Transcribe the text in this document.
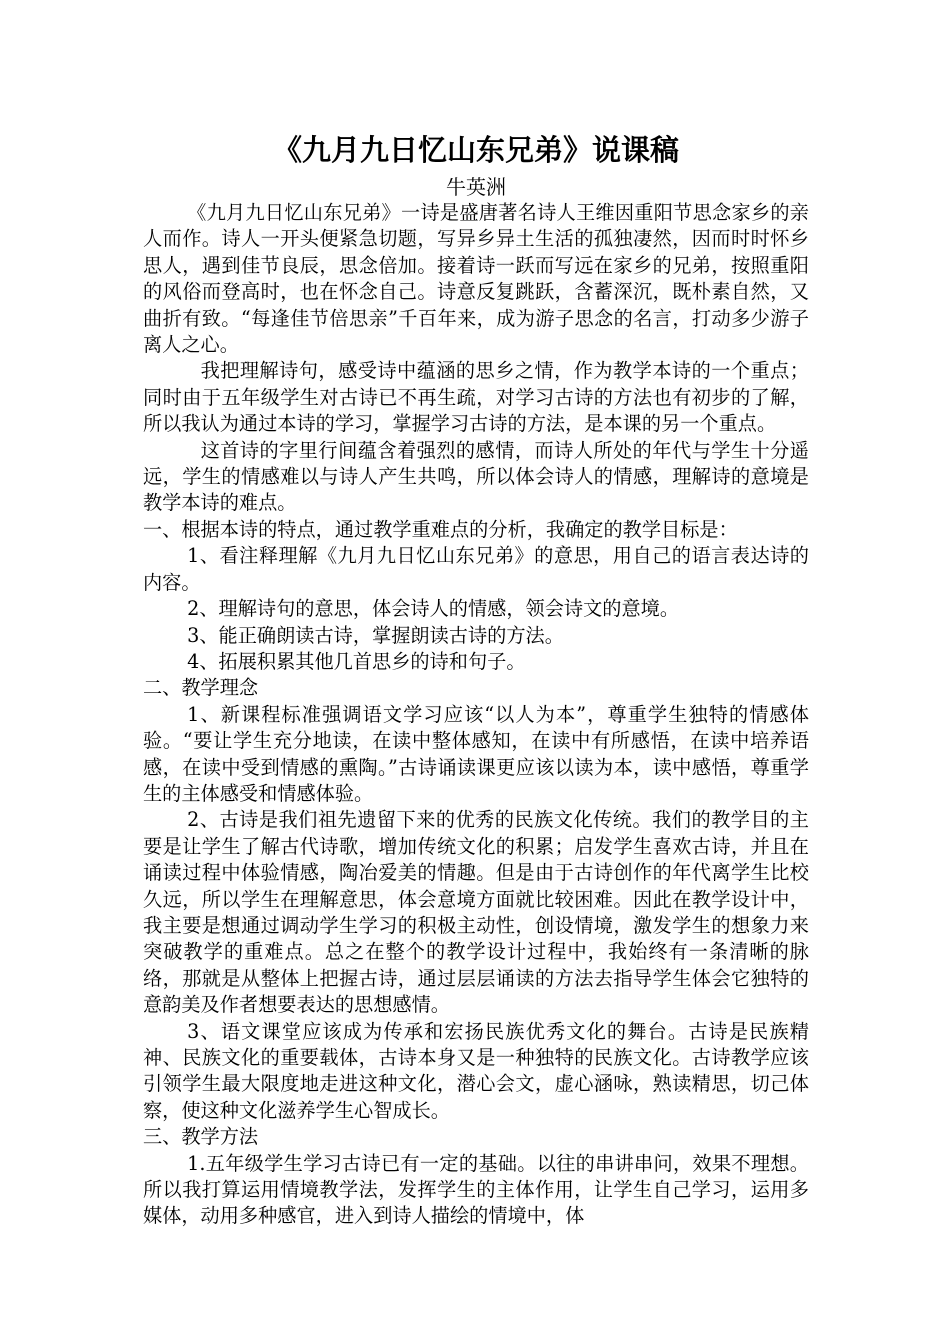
《九月九日忆山东兄弟》说课稿

牛英洲

《九月九日忆山东兄弟》一诗是盛唐著名诗人王维因重阳节思念家乡的亲人而作。诗人一开头便紧急切题，写异乡异土生活的孤独凄然，因而时时怀乡思人，遇到佳节良辰，思念倍加。接着诗一跃而写远在家乡的兄弟，按照重阳的风俗而登高时，也在怀念自己。诗意反复跳跃，含蓄深沉，既朴素自然，又曲折有致。“每逢佳节倍思亲”千百年来，成为游子思念的名言，打动多少游子离人之心。

我把理解诗句，感受诗中蕴涵的思乡之情，作为教学本诗的一个重点；同时由于五年级学生对古诗已不再生疏，对学习古诗的方法也有初步的了解，所以我认为通过本诗的学习，掌握学习古诗的方法，是本课的另一个重点。

这首诗的字里行间蕴含着强烈的感情，而诗人所处的年代与学生十分遥远，学生的情感难以与诗人产生共鸣，所以体会诗人的情感，理解诗的意境是教学本诗的难点。

一、根据本诗的特点，通过教学重难点的分析，我确定的教学目标是：

1、看注释理解《九月九日忆山东兄弟》的意思，用自己的语言表达诗的内容。

2、理解诗句的意思，体会诗人的情感，领会诗文的意境。

3、能正确朗读古诗，掌握朗读古诗的方法。

4、拓展积累其他几首思乡的诗和句子。

二、教学理念

1、新课程标准强调语文学习应该“以人为本”，尊重学生独特的情感体验。“要让学生充分地读，在读中整体感知，在读中有所感悟，在读中培养语感，在读中受到情感的熏陶。”古诗诵读课更应该以读为本，读中感悟，尊重学生的主体感受和情感体验。

2、古诗是我们祖先遗留下来的优秀的民族文化传统。我们的教学目的主要是让学生了解古代诗歌，增加传统文化的积累；启发学生喜欢古诗，并且在诵读过程中体验情感，陶冶爱美的情趣。但是由于古诗创作的年代离学生比校久远，所以学生在理解意思，体会意境方面就比较困难。因此在教学设计中，我主要是想通过调动学生学习的积极主动性，创设情境，激发学生的想象力来突破教学的重难点。总之在整个的教学设计过程中，我始终有一条清晰的脉络，那就是从整体上把握古诗，通过层层诵读的方法去指导学生体会它独特的意韵美及作者想要表达的思想感情。

3、语文课堂应该成为传承和宏扬民族优秀文化的舞台。古诗是民族精神、民族文化的重要载体，古诗本身又是一种独特的民族文化。古诗教学应该引领学生最大限度地走进这种文化，潜心会文，虚心涵咏，熟读精思，切己体察，使这种文化滋养学生心智成长。

三、教学方法

1.五年级学生学习古诗已有一定的基础。以往的串讲串问，效果不理想。所以我打算运用情境教学法，发挥学生的主体作用，让学生自己学习，运用多媒体，动用多种感官，进入到诗人描绘的情境中，体
